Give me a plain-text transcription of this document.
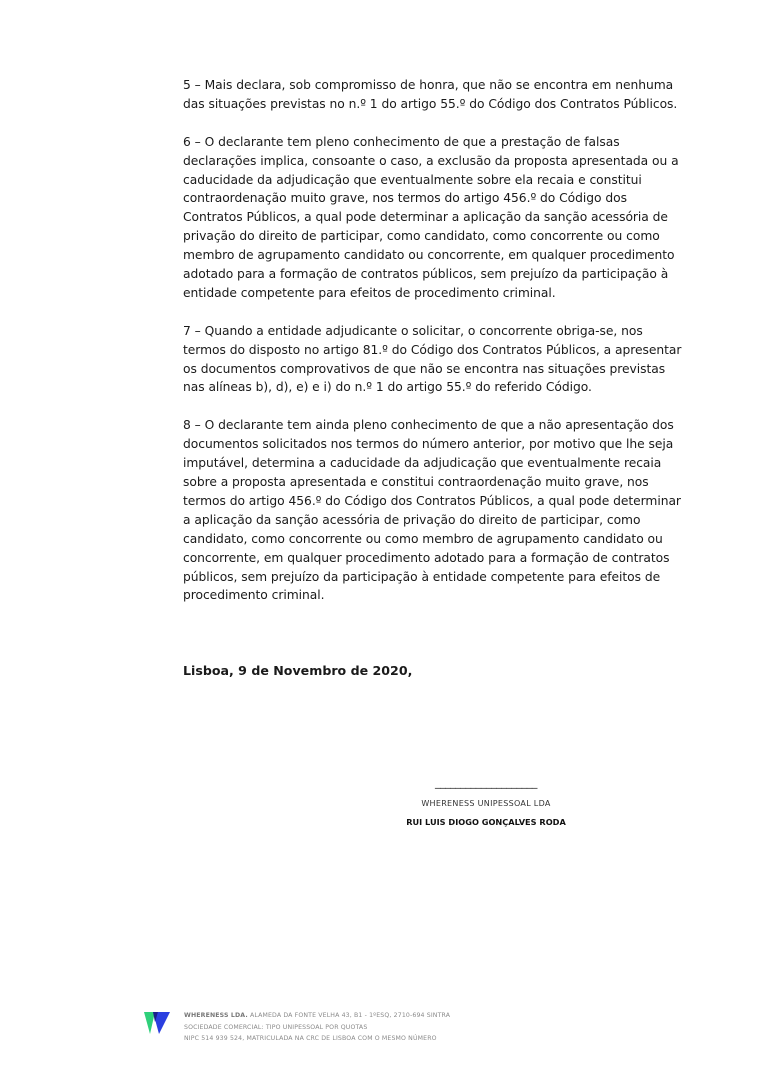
5 – Mais declara, sob compromisso de honra, que não se encontra em nenhuma
das situações previstas no n.º 1 do artigo 55.º do Código dos Contratos Públicos.

6 – O declarante tem pleno conhecimento de que a prestação de falsas
declarações implica, consoante o caso, a exclusão da proposta apresentada ou a
caducidade da adjudicação que eventualmente sobre ela recaia e constitui
contraordenação muito grave, nos termos do artigo 456.º do Código dos
Contratos Públicos, a qual pode determinar a aplicação da sanção acessória de
privação do direito de participar, como candidato, como concorrente ou como
membro de agrupamento candidato ou concorrente, em qualquer procedimento
adotado para a formação de contratos públicos, sem prejuízo da participação à
entidade competente para efeitos de procedimento criminal.

7 – Quando a entidade adjudicante o solicitar, o concorrente obriga-se, nos
termos do disposto no artigo 81.º do Código dos Contratos Públicos, a apresentar
os documentos comprovativos de que não se encontra nas situações previstas
nas alíneas b), d), e) e i) do n.º 1 do artigo 55.º do referido Código.

8 – O declarante tem ainda pleno conhecimento de que a não apresentação dos
documentos solicitados nos termos do número anterior, por motivo que lhe seja
imputável, determina a caducidade da adjudicação que eventualmente recaia
sobre a proposta apresentada e constitui contraordenação muito grave, nos
termos do artigo 456.º do Código dos Contratos Públicos, a qual pode determinar
a aplicação da sanção acessória de privação do direito de participar, como
candidato, como concorrente ou como membro de agrupamento candidato ou
concorrente, em qualquer procedimento adotado para a formação de contratos
públicos, sem prejuízo da participação à entidade competente para efeitos de
procedimento criminal.

Lisboa, 9 de Novembro de 2020,
____________________
WHERENESS UNIPESSOAL LDA
RUI LUIS DIOGO GONÇALVES RODA
WHERENESS LDA. ALAMEDA DA FONTE VELHA 43, B1 - 1ºESQ, 2710-694 SINTRA
SOCIEDADE COMERCIAL: TIPO UNIPESSOAL POR QUOTAS
NIPC 514 939 524, MATRICULADA NA CRC DE LISBOA COM O MESMO NÚMERO
